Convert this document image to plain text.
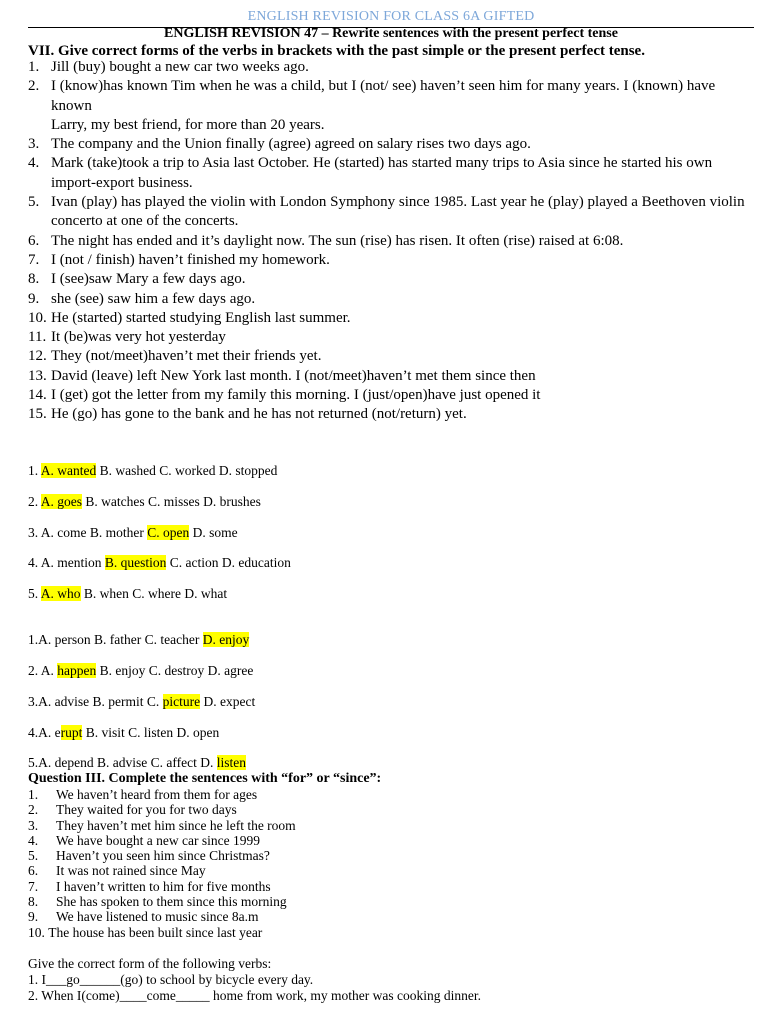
ENGLISH REVISION FOR CLASS 6A GIFTED
ENGLISH REVISION 47 – Rewrite sentences with the present perfect tense
VII. Give correct forms of the verbs in brackets with the past simple or the present perfect tense.
1. Jill (buy) bought a new car two weeks ago.
2. I (know)has known Tim when he was a child, but I (not/ see) haven’t seen him for many years. I (known) have known
Larry, my best friend, for more than 20 years.
3. The company and the Union finally (agree) agreed on salary rises two days ago.
4. Mark (take)took a trip to Asia last October. He (started) has started many trips to Asia since he started his own import-export business.
5. Ivan (play) has played the violin with London Symphony since 1985. Last year he (play) played a Beethoven violin concerto at one of the concerts.
6. The night has ended and it’s daylight now. The sun (rise) has risen. It often (rise) raised at 6:08.
7. I (not / finish) haven’t finished my homework.
8. I (see)saw Mary a few days ago.
9. she (see) saw him a few days ago.
10. He (started) started studying English last summer.
11. It (be)was very hot yesterday
12. They (not/meet)haven’t met their friends yet.
13. David (leave) left New York last month. I (not/meet)haven’t met them since then
14. I (get) got the letter from my family this morning. I (just/open)have just opened it
15. He (go) has gone to the bank and he has not returned (not/return) yet.
1. A. wanted B. washed C. worked D. stopped
2. A. goes B. watches C. misses D. brushes
3. A. come B. mother C. open D. some
4. A. mention B. question C. action D. education
5. A. who B. when C. where D. what
1.A. person B. father C. teacher D. enjoy
2. A. happen B. enjoy C. destroy D. agree
3.A. advise B. permit C. picture D. expect
4.A. erupt B. visit C. listen D. open
5.A. depend B. advise C. affect D. listen
Question III. Complete the sentences with “for” or “since”:
1.	We haven’t heard from them for ages
2.	They waited for you for two days
3.	They haven’t met him since he left the room
4.	We have bought a new car since 1999
5.	Haven’t you seen him since Christmas?
6.	It was not rained since May
7.	I haven’t written to him for five months
8.	She has spoken to them since this morning
9.	We have listened to music since 8a.m
10.
The house has been built since last year
Give the correct form of the following verbs:
1. I___go______(go) to school by bicycle every day.
2. When I(come)____come_____ home from work, my mother was cooking dinner.
